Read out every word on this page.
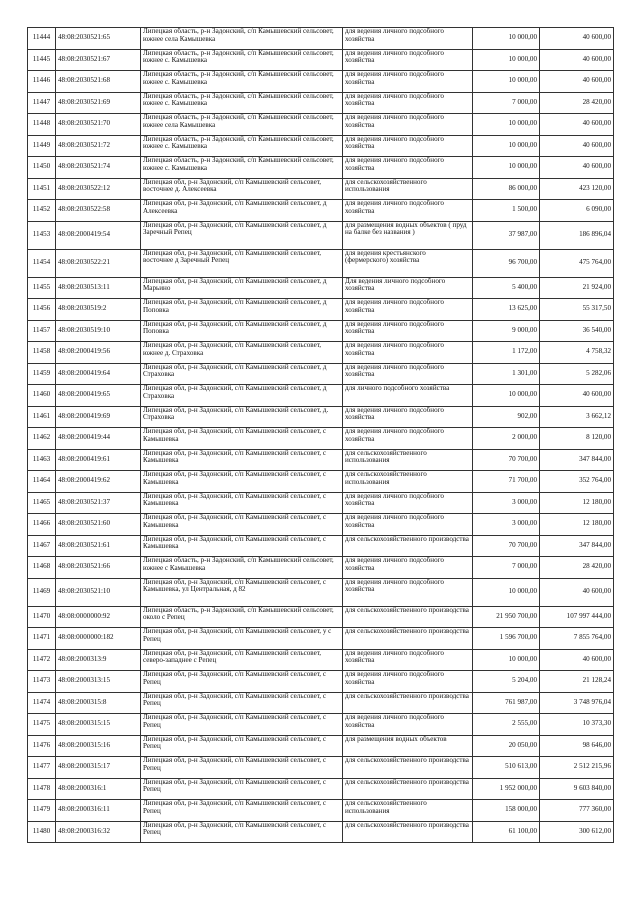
11444	48:08:2030521:65	Липецкая область, р-н Задонский, с/п Камышевский сельсовет, южнее села Камышевка	для ведения личного подсобного хозяйства	10 000,00	40 600,00
11445	48:08:2030521:67	Липецкая область, р-н Задонский, с/п Камышевский сельсовет, южнее с. Камышевка	для ведения личного подсобного хозяйства	10 000,00	40 600,00
11446	48:08:2030521:68	Липецкая область, р-н Задонский, с/п Камышевский сельсовет, южнее с. Камышевка	для ведения личного подсобного хозяйства	10 000,00	40 600,00
11447	48:08:2030521:69	Липецкая область, р-н Задонский, с/п Камышевский сельсовет, южнее с. Камышевка	для ведения личного подсобного хозяйства	7 000,00	28 420,00
11448	48:08:2030521:70	Липецкая область, р-н Задонский, с/п Камышевский сельсовет, южнее села Камышевка	для ведения личного подсобного хозяйства	10 000,00	40 600,00
11449	48:08:2030521:72	Липецкая область, р-н Задонский, с/п Камышевский сельсовет, южнее с. Камышевка	для ведения личного подсобного хозяйства	10 000,00	40 600,00
11450	48:08:2030521:74	Липецкая область, р-н Задонский, с/п Камышевский сельсовет, южнее с. Камышевка	для ведения личного подсобного хозяйства	10 000,00	40 600,00
11451	48:08:2030522:12	Липецкая обл, р-н Задонский, с/п Камышевский сельсовет, восточнее д. Алексеевка	для сельскохозяйственного использования	86 000,00	423 120,00
11452	48:08:2030522:58	Липецкая обл, р-н Задонский, с/п Камышевский сельсовет, д Алексеевка	для ведения личного подсобного хозяйства	1 500,00	6 090,00
11453	48:08:2000419:54	Липецкая обл, р-н Задонский, с/п Камышевский сельсовет, д Заречный Репец	для размещения водных объектов ( пруд на балке без названия )	37 987,00	186 896,04
11454	48:08:2030522:21	Липецкая обл, р-н Задонский, с/п Камышевский сельсовет, восточнее д Заречный Репец	для ведения крестьянского (фермерского) хозяйства	96 700,00	475 764,00
11455	48:08:2030513:11	Липецкая обл, р-н Задонский, с/п Камышевский сельсовет, д Марьино	Для ведения личного подсобного хозяйства	5 400,00	21 924,00
11456	48:08:2030519:2	Липецкая обл, р-н Задонский, с/п Камышевский сельсовет, д Поповка	для ведения личного подсобного хозяйства	13 625,00	55 317,50
11457	48:08:2030519:10	Липецкая обл, р-н Задонский, с/п Камышевский сельсовет, д Поповка	для ведения личного подсобного хозяйства	9 000,00	36 540,00
11458	48:08:2000419:56	Липецкая обл, р-н Задонский, с/п Камышевский сельсовет, южнее д. Страховка	для ведения личного подсобного хозяйства	1 172,00	4 758,32
11459	48:08:2000419:64	Липецкая обл, р-н Задонский, с/п Камышевский сельсовет, д Страховка	для ведения личного подсобного хозяйства	1 301,00	5 282,06
11460	48:08:2000419:65	Липецкая обл, р-н Задонский, с/п Камышевский сельсовет, д Страховка	для личного подсобного хозяйства	10 000,00	40 600,00
11461	48:08:2000419:69	Липецкая обл, р-н Задонский, с/п Камышевский сельсовет, д. Страховка	для ведения личного подсобного хозяйства	902,00	3 662,12
11462	48:08:2000419:44	Липецкая обл, р-н Задонский, с/п Камышевский сельсовет, с Камышевка	для ведения личного подсобного хозяйства	2 000,00	8 120,00
11463	48:08:2000419:61	Липецкая обл, р-н Задонский, с/п Камышевский сельсовет, с Камышевка	для сельскохозяйственного использования	70 700,00	347 844,00
11464	48:08:2000419:62	Липецкая обл, р-н Задонский, с/п Камышевский сельсовет, с Камышевка	для сельскохозяйственного использования	71 700,00	352 764,00
11465	48:08:2030521:37	Липецкая обл, р-н Задонский, с/п Камышевский сельсовет, с Камышевка	для ведения личного подсобного хозяйства	3 000,00	12 180,00
11466	48:08:2030521:60	Липецкая обл, р-н Задонский, с/п Камышевский сельсовет, с Камышевка	для ведения личного подсобного хозяйства	3 000,00	12 180,00
11467	48:08:2030521:61	Липецкая обл, р-н Задонский, с/п Камышевский сельсовет, с Камышевка	для сельскохозяйственного производства	70 700,00	347 844,00
11468	48:08:2030521:66	Липецкая область, р-н Задонский, с/п Камышевский сельсовет, южнее с Камышевка	для ведения личного подсобного хозяйства	7 000,00	28 420,00
11469	48:08:2030521:10	Липецкая обл, р-н Задонский, с/п Камышевский сельсовет, с Камышевка, ул Центральная, д 82	для ведения личного подсобного хозяйства	10 000,00	40 600,00
11470	48:08:0000000:92	Липецкая область, р-н Задонский, с/п Камышевский сельсовет, около с Репец	для сельскохозяйственного производства	21 950 700,00	107 997 444,00
11471	48:08:0000000:182	Липецкая обл, р-н Задонский, с/п Камышевский сельсовет, у с Репец	для сельскохозяйственного производства	1 596 700,00	7 855 764,00
11472	48:08:2000313:9	Липецкая обл, р-н Задонский, с/п Камышевский сельсовет, северо-западнее с Репец	для ведения личного подсобного хозяйства	10 000,00	40 600,00
11473	48:08:2000313:15	Липецкая обл, р-н Задонский, с/п Камышевский сельсовет, с Репец	для ведения личного подсобного хозяйства	5 204,00	21 128,24
11474	48:08:2000315:8	Липецкая обл, р-н Задонский, с/п Камышевский сельсовет, с Репец	для сельскохозяйственного производства	761 987,00	3 748 976,04
11475	48:08:2000315:15	Липецкая обл, р-н Задонский, с/п Камышевский сельсовет, с Репец	для ведения личного подсобного хозяйства	2 555,00	10 373,30
11476	48:08:2000315:16	Липецкая обл, р-н Задонский, с/п Камышевский сельсовет, с Репец	для размещения водных объектов	20 050,00	98 646,00
11477	48:08:2000315:17	Липецкая обл, р-н Задонский, с/п Камышевский сельсовет, с Репец	для сельскохозяйственного производства	510 613,00	2 512 215,96
11478	48:08:2000316:1	Липецкая обл, р-н Задонский, с/п Камышевский сельсовет, с Репец	для сельскохозяйственного производства	1 952 000,00	9 603 840,00
11479	48:08:2000316:11	Липецкая обл, р-н Задонский, с/п Камышевский сельсовет, с Репец	для сельскохозяйственного использования	158 000,00	777 360,00
11480	48:08:2000316:32	Липецкая обл, р-н Задонский, с/п Камышевский сельсовет, с Репец	для сельскохозяйственного производства	61 100,00	300 612,00
